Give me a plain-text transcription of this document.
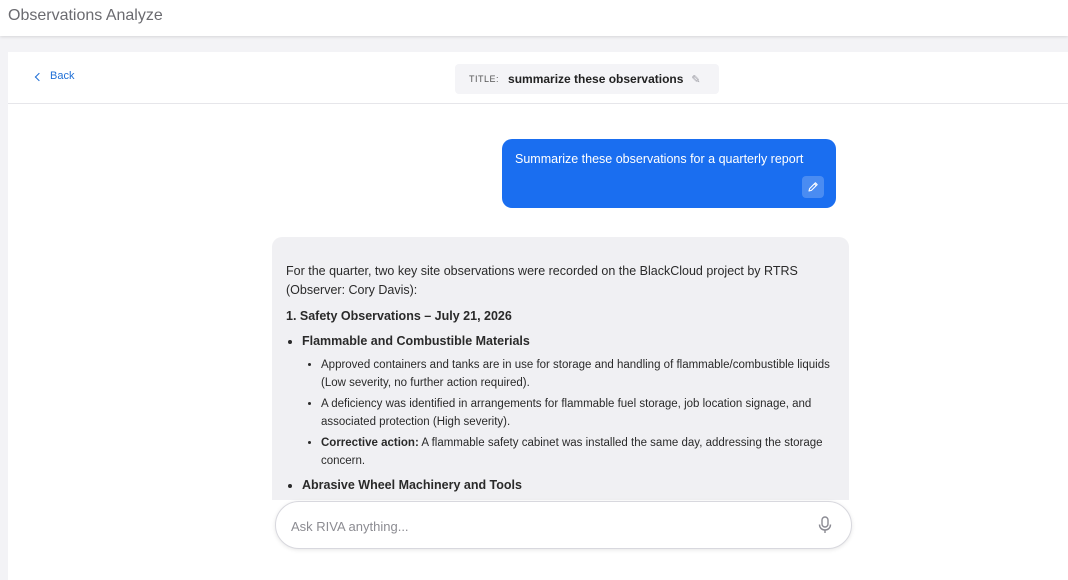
Observations Analyze
Back	TITLE: summarize these observations ✎
Summarize these observations for a quarterly report

For the quarter, two key site observations were recorded on the BlackCloud project by RTRS (Observer: Cory Davis):

1. Safety Observations – July 21, 2026

• Flammable and Combustible Materials
• Approved containers and tanks are in use for storage and handling of flammable/combustible liquids (Low severity, no further action required).
• A deficiency was identified in arrangements for flammable fuel storage, job location signage, and associated protection (High severity).
• Corrective action: A flammable safety cabinet was installed the same day, addressing the storage concern.
• Abrasive Wheel Machinery and Tools
Ask RIVA anything...
